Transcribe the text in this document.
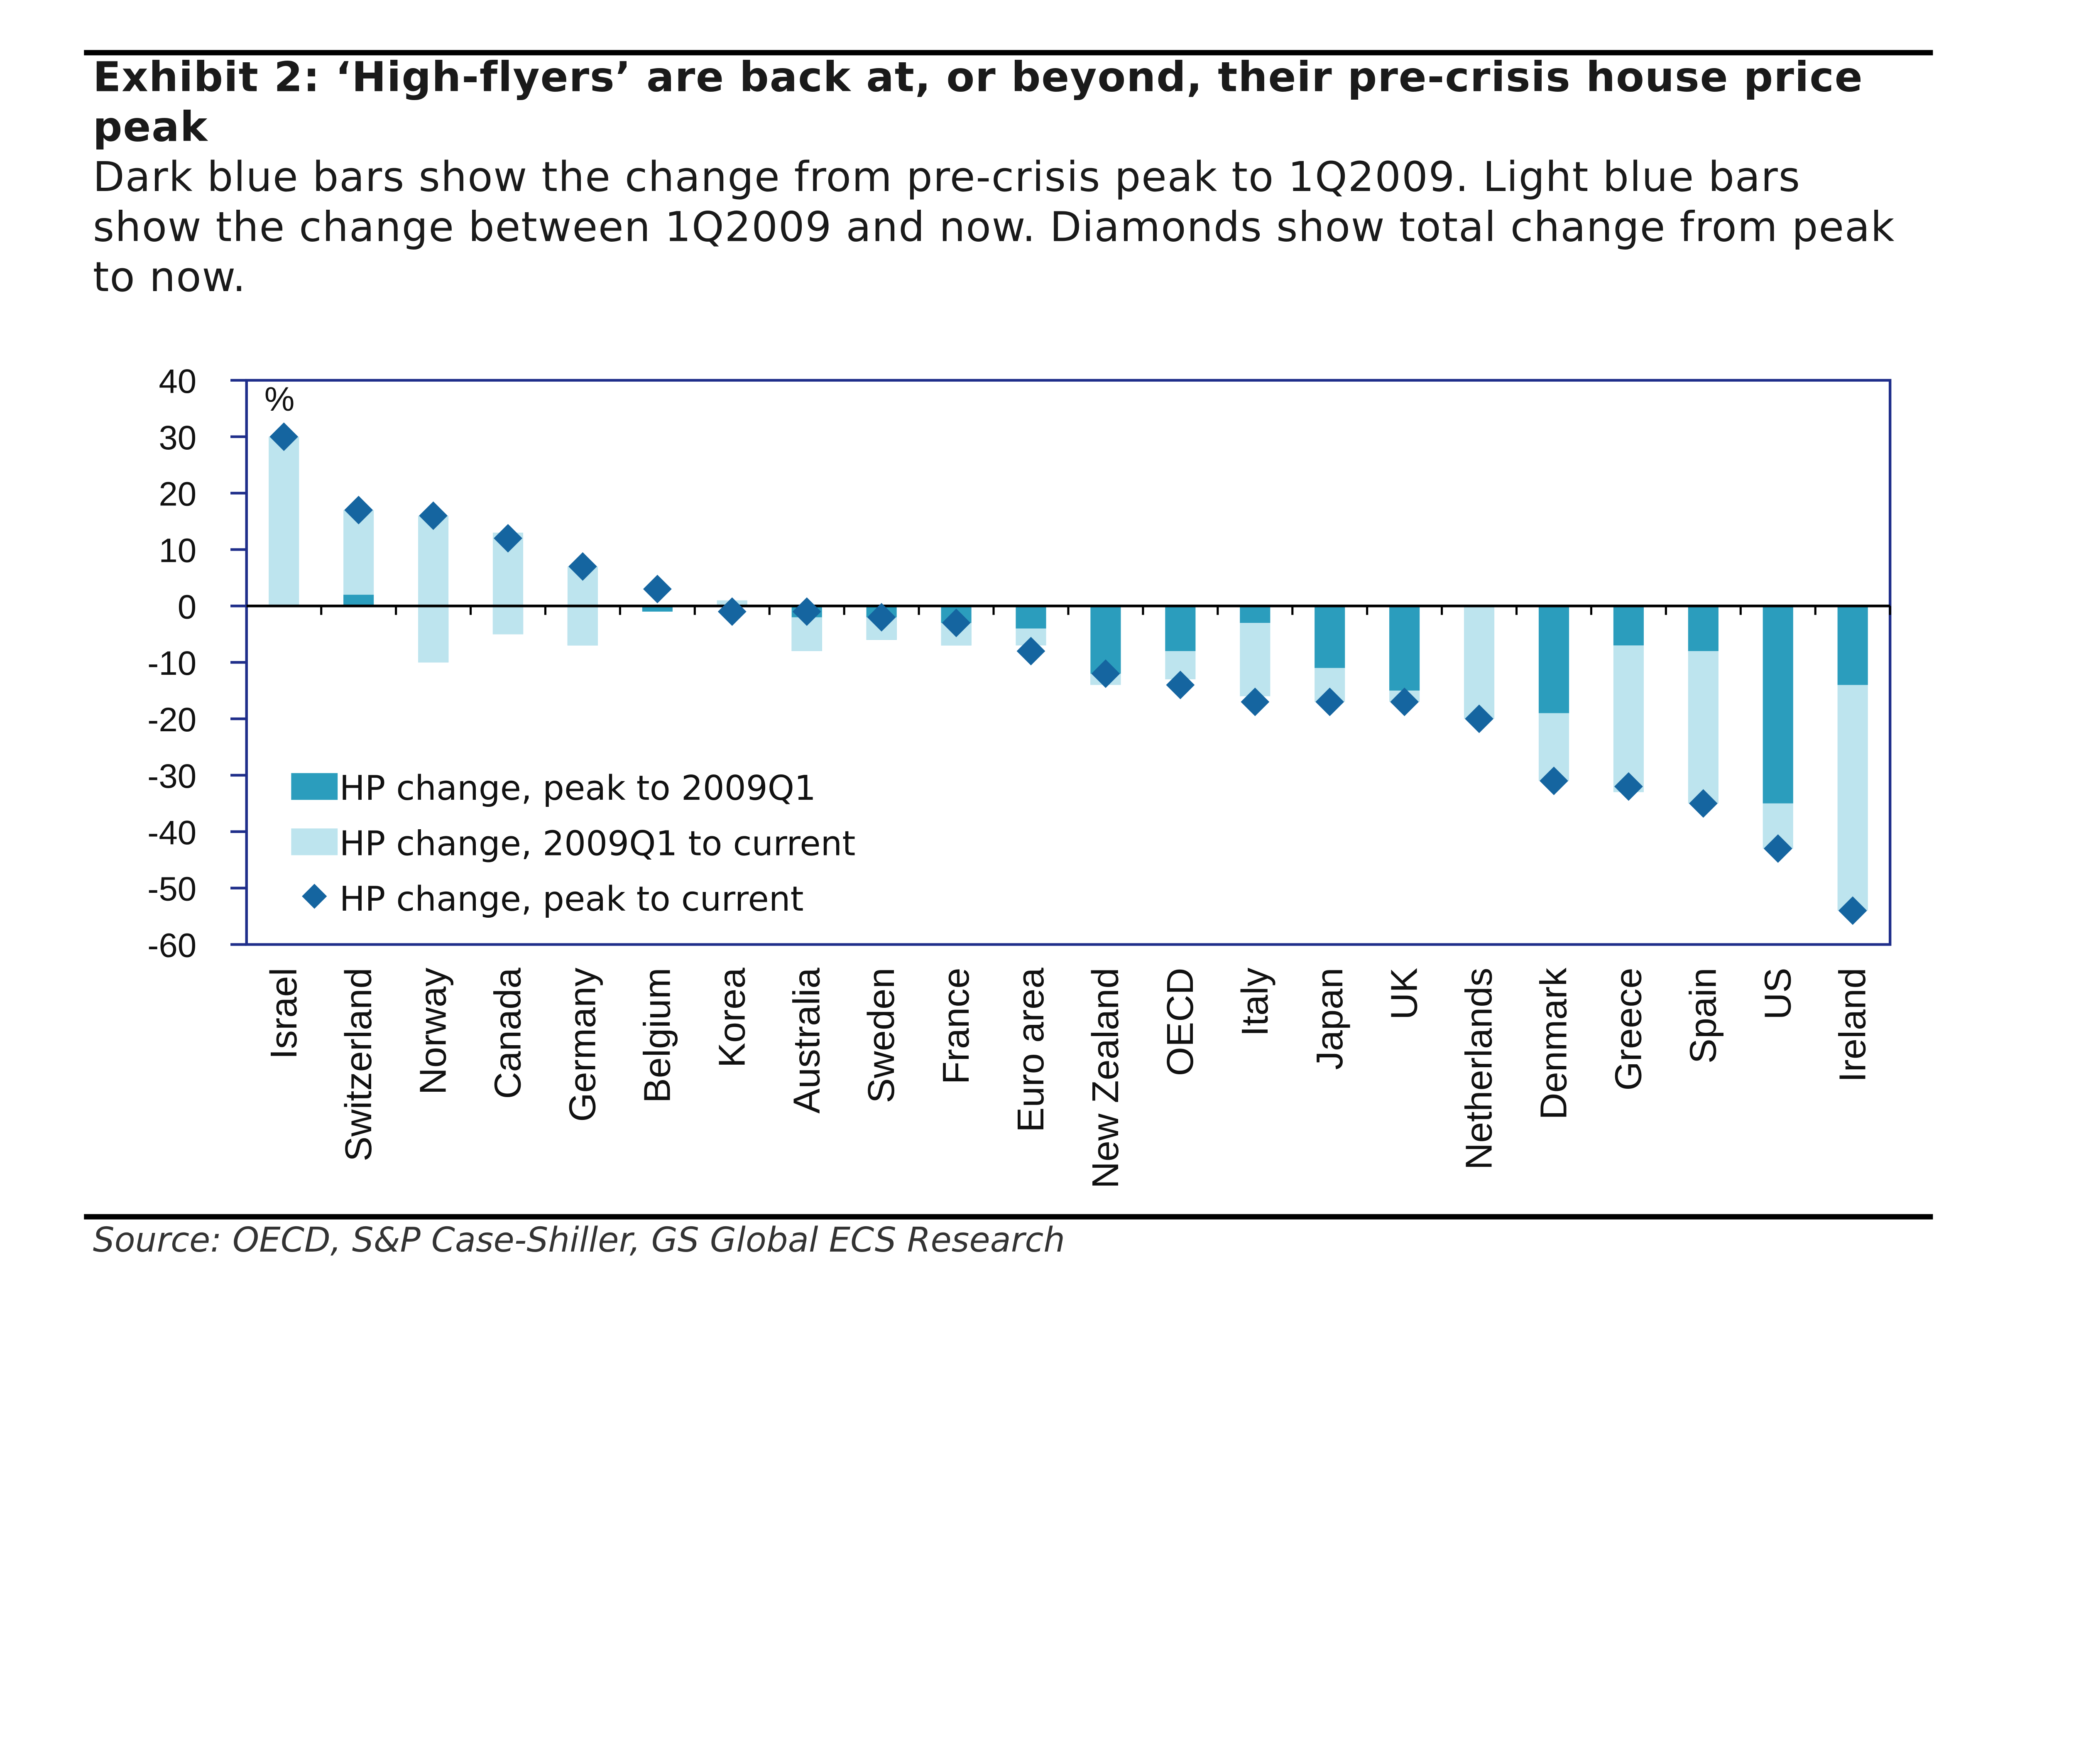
Exhibit 2: ‘High-flyers’ are back at, or beyond, their pre-crisis house price peak

Dark blue bars show the change from pre-crisis peak to 1Q2009. Light blue bars show the change between 1Q2009 and now. Diamonds show total change from peak to now.

40
30
20
10
0
-10
-20
-30
-40
-50
-60
%
Israel	Switzerland	Norway	Canada	Germany	Belgium	Korea	Australia	Sweden	France	Euro area	New Zealand	OECD	Italy	Japan	UK	Netherlands	Denmark	Greece	Spain	US	Ireland
HP change, peak to 2009Q1
HP change, 2009Q1 to current
HP change, peak to current

Source: OECD, S&P Case-Shiller, GS Global ECS Research
